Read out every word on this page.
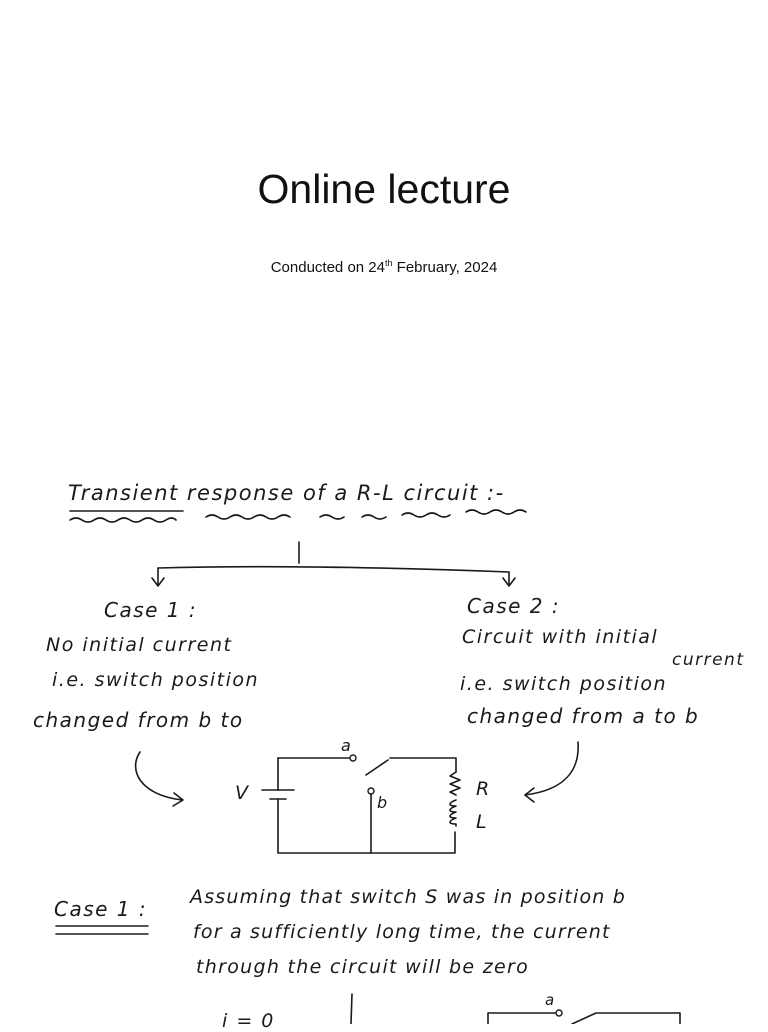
Online lecture
Conducted on 24th February, 2024
Transient response of a R-L circuit :-
Case 1 :
No initial current
i.e. switch position
changed from b to
Case 2 :
Circuit with initial
current
i.e. switch position
changed from a to b
V
a
b
R
L
Case 1 : Assuming that switch S was in position b
for a sufficiently long time, the current
through the circuit will be zero
i = 0
a
